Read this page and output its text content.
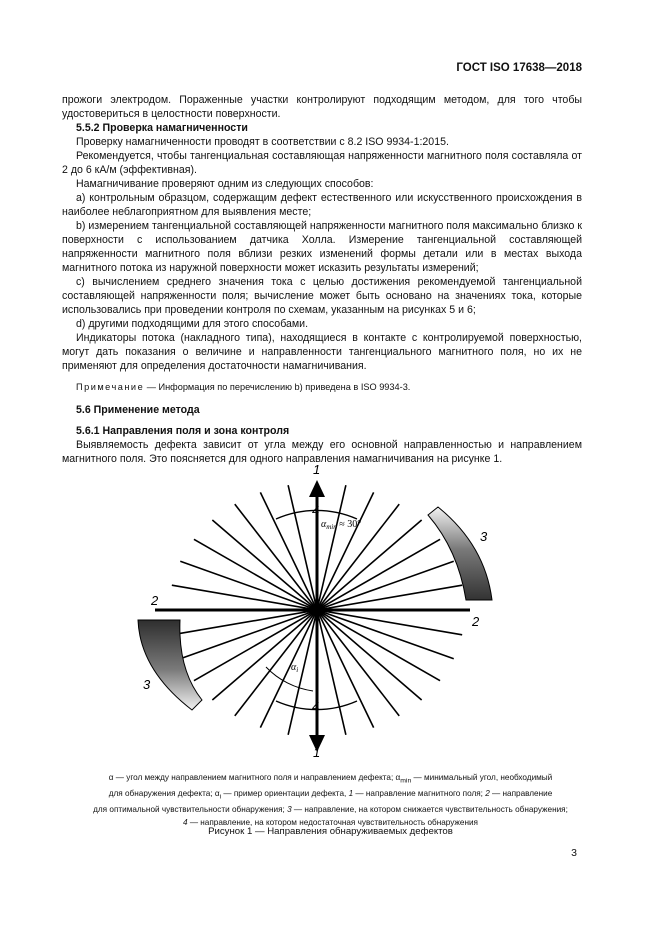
ГОСТ ISO 17638—2018

прожоги электродом. Пораженные участки контролируют подходящим методом, для того чтобы удостовериться в целостности поверхности.

5.5.2 Проверка намагниченности

Проверку намагниченности проводят в соответствии с 8.2 ISO 9934-1:2015.

Рекомендуется, чтобы тангенциальная составляющая напряженности магнитного поля составляла от 2 до 6 кА/м (эффективная).

Намагничивание проверяют одним из следующих способов:

a) контрольным образцом, содержащим дефект естественного или искусственного происхождения в наиболее неблагоприятном для выявления месте;

b) измерением тангенциальной составляющей напряженности магнитного поля максимально близко к поверхности с использованием датчика Холла. Измерение тангенциальной составляющей напряженности магнитного поля вблизи резких изменений формы детали или в местах выхода магнитного потока из наружной поверхности может исказить результаты измерений;

c) вычислением среднего значения тока с целью достижения рекомендуемой тангенциальной составляющей напряженности поля; вычисление может быть основано на значениях тока, которые использовались при проведении контроля по схемам, указанным на рисунках 5 и 6;

d) другими подходящими для этого способами.

Индикаторы потока (накладного типа), находящиеся в контакте с контролируемой поверхностью, могут дать показания о величине и направленности тангенциального магнитного поля, но их не применяют для определения достаточности намагничивания.

Примечание — Информация по перечислению b) приведена в ISO 9934-3.

5.6 Применение метода

5.6.1 Направления поля и зона контроля

Выявляемость дефекта зависит от угла между его основной направленностью и направлением магнитного поля. Это поясняется для одного направления намагничивания на рисунке 1.

1
1
4
4
3
2
2
3
$\alpha_{min} \approx 30^\circ$
$\alpha_i$
α — угол между направлением магнитного поля и направлением дефекта; $\alpha_{min}$ — минимальный угол, необходимый
для обнаружения дефекта; $\alpha_i$ — пример ориентации дефекта, 1 — направление магнитного поля; 2 — направление
для оптимальной чувствительности обнаружения; 3 — направление, на котором снижается чувствительность обнаружения;
4 — направление, на котором недостаточная чувствительность обнаружения
Рисунок 1 — Направления обнаруживаемых дефектов
3
